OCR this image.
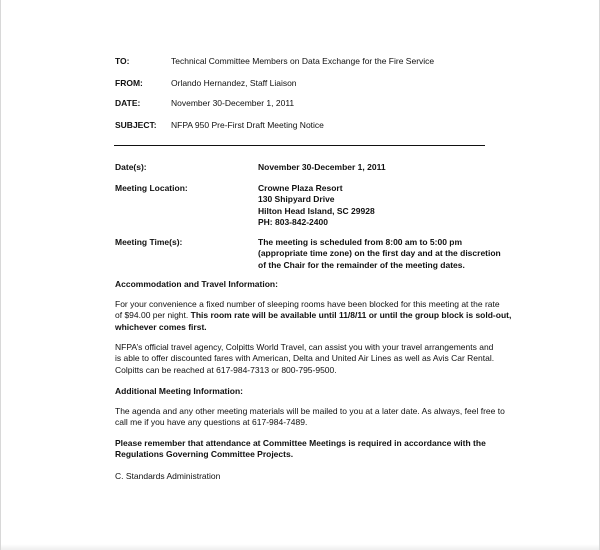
TO:	Technical Committee Members on Data Exchange for the Fire Service
FROM:	Orlando Hernandez, Staff Liaison
DATE:	November 30-December 1, 2011
SUBJECT: NFPA 950 Pre-First Draft Meeting Notice
Date(s):	November 30-December 1, 2011
Meeting Location:	Crowne Plaza Resort
130 Shipyard Drive
Hilton Head Island, SC 29928
PH: 803-842-2400
Meeting Time(s):	The meeting is scheduled from 8:00 am to 5:00 pm
(appropriate time zone) on the first day and at the discretion
of the Chair for the remainder of the meeting dates.
Accommodation and Travel Information:
For your convenience a fixed number of sleeping rooms have been blocked for this meeting at the rate
of $94.00 per night. This room rate will be available until 11/8/11 or until the group block is sold-out,
whichever comes first.
NFPA’s official travel agency, Colpitts World Travel, can assist you with your travel arrangements and
is able to offer discounted fares with American, Delta and United Air Lines as well as Avis Car Rental.
Colpitts can be reached at 617-984-7313 or 800-795-9500.
Additional Meeting Information:
The agenda and any other meeting materials will be mailed to you at a later date. As always, feel free to
call me if you have any questions at 617-984-7489.
Please remember that attendance at Committee Meetings is required in accordance with the
Regulations Governing Committee Projects.
C. Standards Administration
